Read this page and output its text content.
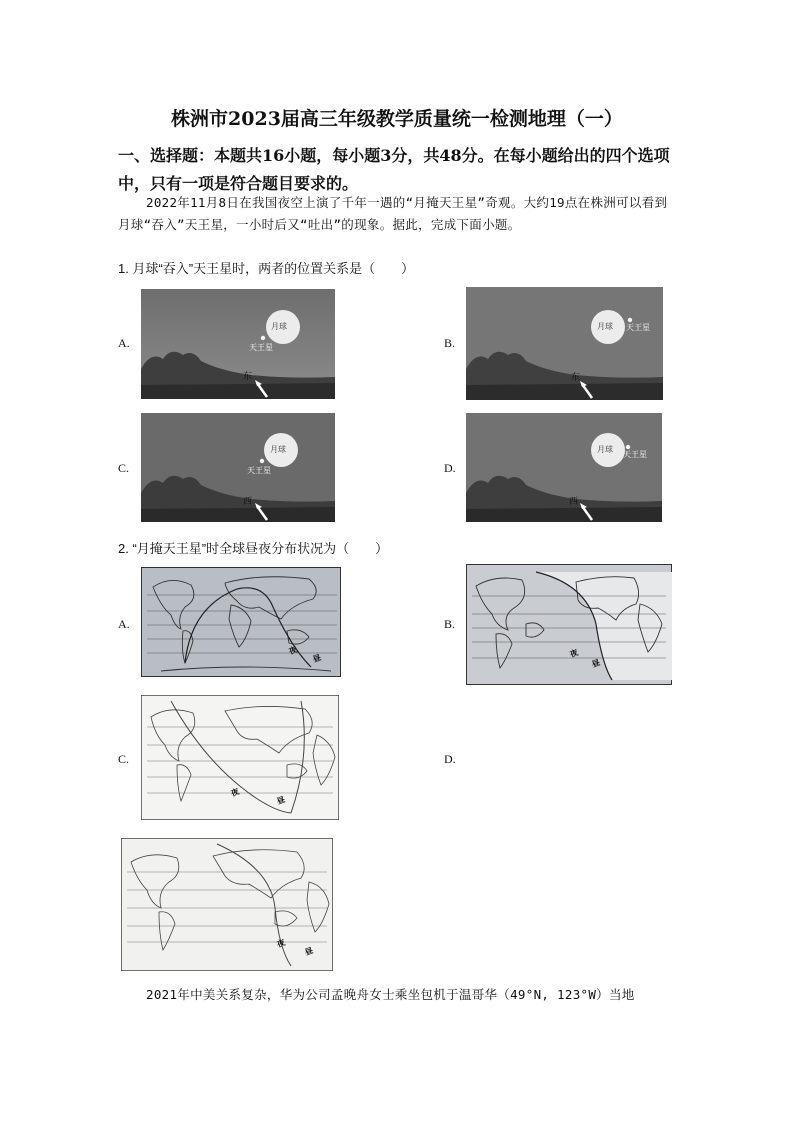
株洲市2023届高三年级教学质量统一检测地理（一）
一、选择题：本题共16小题，每小题3分，共48分。在每小题给出的四个选项中，只有一项是符合题目要求的。
2022年11月8日在我国夜空上演了千年一遇的“月掩天王星”奇观。大约19点在株洲可以看到月球“吞入”天王星，一小时后又“吐出”的现象。据此，完成下面小题。
1. 月球“吞入”天王星时，两者的位置关系是（　　）
A.	B.
C.	D.
月球
天王星
东
月球 天王星
东
月球
天王星
西
月球
天王星
西
2. “月掩天王星”时全球昼夜分布状况为（　　）
A.	B.
C.	D.
夜
昼	夜
昼
夜
昼
夜
昼
2021年中美关系复杂，华为公司孟晚舟女士乘坐包机于温哥华（49°N, 123°W）当地
